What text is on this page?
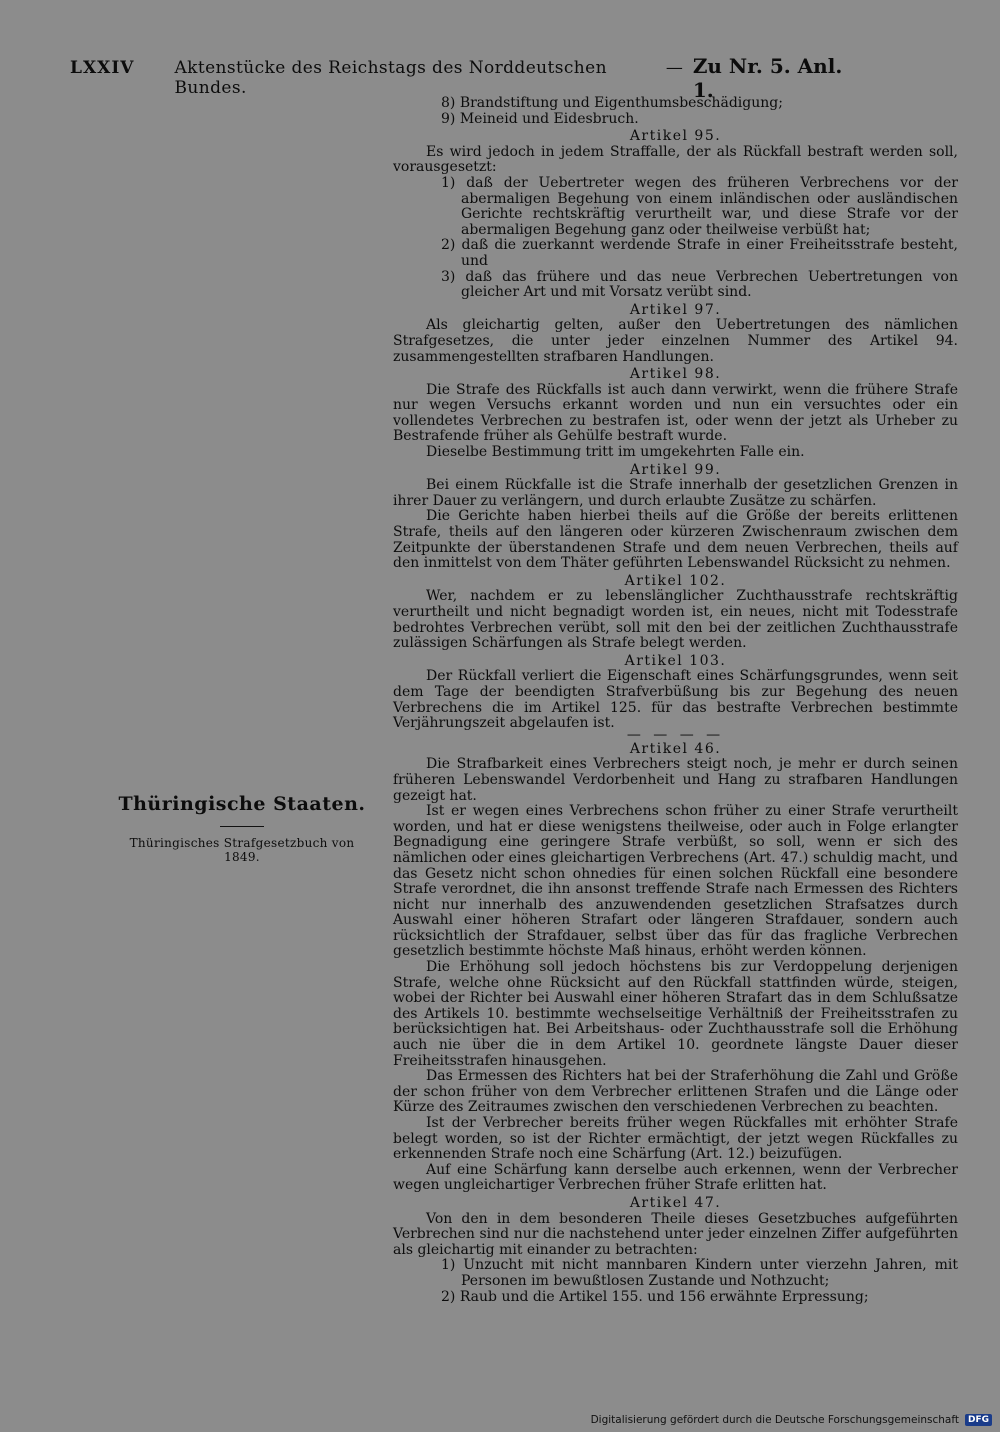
LXXIV Aktenstücke des Reichstags des Norddeutschen Bundes.
— Zu Nr. 5. Anl. 1.
Thüringische Staaten.
Thüringisches Strafgesetzbuch von 1849.

8) Brandstiftung und Eigenthumsbeschädigung;

9) Meineid und Eidesbruch.

Artikel 95.

Es wird jedoch in jedem Straffalle, der als Rückfall bestraft werden soll, vorausgesetzt:

1) daß der Uebertreter wegen des früheren Verbrechens vor der abermaligen Begehung von einem inländischen oder ausländischen Gerichte rechtskräftig verurtheilt war, und diese Strafe vor der abermaligen Begehung ganz oder theilweise verbüßt hat;

2) daß die zuerkannt werdende Strafe in einer Freiheitsstrafe besteht, und

3) daß das frühere und das neue Verbrechen Uebertretungen von gleicher Art und mit Vorsatz verübt sind.

Artikel 97.

Als gleichartig gelten, außer den Uebertretungen des nämlichen Strafgesetzes, die unter jeder einzelnen Nummer des Artikel 94. zusammengestellten strafbaren Handlungen.

Artikel 98.

Die Strafe des Rückfalls ist auch dann verwirkt, wenn die frühere Strafe nur wegen Versuchs erkannt worden und nun ein versuchtes oder ein vollendetes Verbrechen zu bestrafen ist, oder wenn der jetzt als Urheber zu Bestrafende früher als Gehülfe bestraft wurde.

Dieselbe Bestimmung tritt im umgekehrten Falle ein.

Artikel 99.

Bei einem Rückfalle ist die Strafe innerhalb der gesetzlichen Grenzen in ihrer Dauer zu verlängern, und durch erlaubte Zusätze zu schärfen.

Die Gerichte haben hierbei theils auf die Größe der bereits erlittenen Strafe, theils auf den längeren oder kürzeren Zwischenraum zwischen dem Zeitpunkte der überstandenen Strafe und dem neuen Verbrechen, theils auf den inmittelst von dem Thäter geführten Lebenswandel Rücksicht zu nehmen.

Artikel 102.

Wer, nachdem er zu lebenslänglicher Zuchthausstrafe rechtskräftig verurtheilt und nicht begnadigt worden ist, ein neues, nicht mit Todesstrafe bedrohtes Verbrechen verübt, soll mit den bei der zeitlichen Zuchthausstrafe zulässigen Schärfungen als Strafe belegt werden.

Artikel 103.

Der Rückfall verliert die Eigenschaft eines Schärfungsgrundes, wenn seit dem Tage der beendigten Strafverbüßung bis zur Begehung des neuen Verbrechens die im Artikel 125. für das bestrafte Verbrechen bestimmte Verjährungszeit abgelaufen ist.

— — — —
Artikel 46.

Die Strafbarkeit eines Verbrechers steigt noch, je mehr er durch seinen früheren Lebenswandel Verdorbenheit und Hang zu strafbaren Handlungen gezeigt hat.

Ist er wegen eines Verbrechens schon früher zu einer Strafe verurtheilt worden, und hat er diese wenigstens theilweise, oder auch in Folge erlangter Begnadigung eine geringere Strafe verbüßt, so soll, wenn er sich des nämlichen oder eines gleichartigen Verbrechens (Art. 47.) schuldig macht, und das Gesetz nicht schon ohnedies für einen solchen Rückfall eine besondere Strafe verordnet, die ihn ansonst treffende Strafe nach Ermessen des Richters nicht nur innerhalb des anzuwendenden gesetzlichen Strafsatzes durch Auswahl einer höheren Strafart oder längeren Strafdauer, sondern auch rücksichtlich der Strafdauer, selbst über das für das fragliche Verbrechen gesetzlich bestimmte höchste Maß hinaus, erhöht werden können.

Die Erhöhung soll jedoch höchstens bis zur Verdoppelung derjenigen Strafe, welche ohne Rücksicht auf den Rückfall stattfinden würde, steigen, wobei der Richter bei Auswahl einer höheren Strafart das in dem Schlußsatze des Artikels 10. bestimmte wechselseitige Verhältniß der Freiheitsstrafen zu berücksichtigen hat. Bei Arbeitshaus- oder Zuchthausstrafe soll die Erhöhung auch nie über die in dem Artikel 10. geordnete längste Dauer dieser Freiheitsstrafen hinausgehen.

Das Ermessen des Richters hat bei der Straferhöhung die Zahl und Größe der schon früher von dem Verbrecher erlittenen Strafen und die Länge oder Kürze des Zeitraumes zwischen den verschiedenen Verbrechen zu beachten.

Ist der Verbrecher bereits früher wegen Rückfalles mit erhöhter Strafe belegt worden, so ist der Richter ermächtigt, der jetzt wegen Rückfalles zu erkennenden Strafe noch eine Schärfung (Art. 12.) beizufügen.

Auf eine Schärfung kann derselbe auch erkennen, wenn der Verbrecher wegen ungleichartiger Verbrechen früher Strafe erlitten hat.

Artikel 47.

Von den in dem besonderen Theile dieses Gesetzbuches aufgeführten Verbrechen sind nur die nachstehend unter jeder einzelnen Ziffer aufgeführten als gleichartig mit einander zu betrachten:

1) Unzucht mit nicht mannbaren Kindern unter vierzehn Jahren, mit Personen im bewußtlosen Zustande und Nothzucht;

2) Raub und die Artikel 155. und 156 erwähnte Erpressung;

Digitalisierung gefördert durch die Deutsche Forschungsgemeinschaft	DFG
